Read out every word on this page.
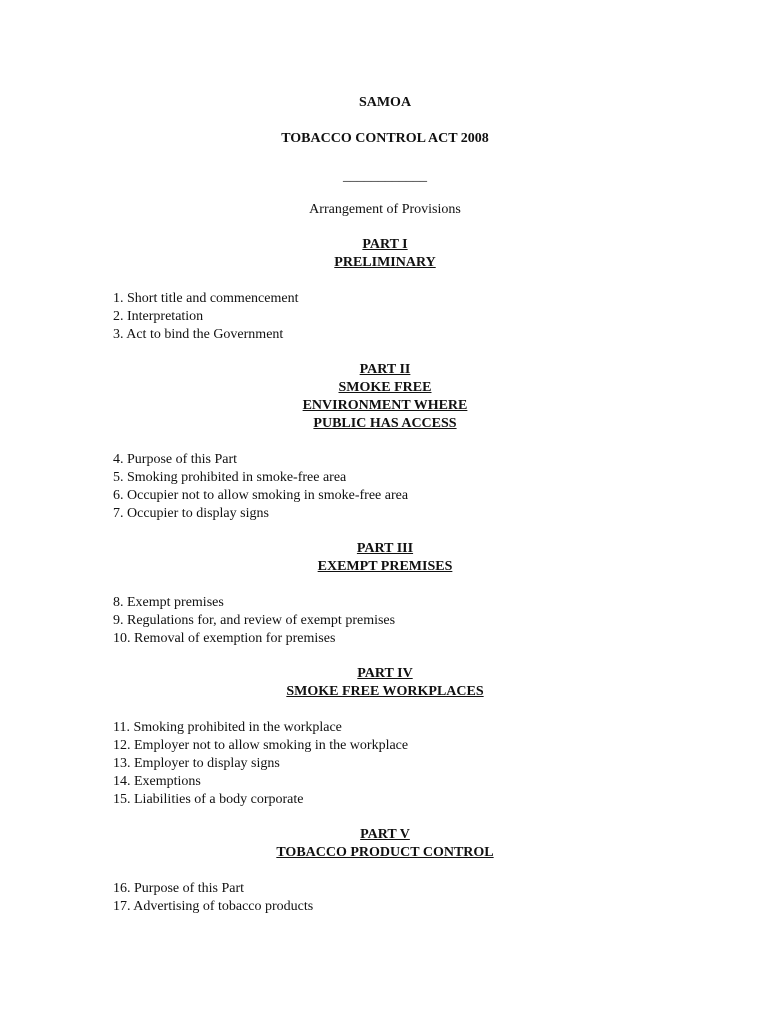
SAMOA
TOBACCO CONTROL ACT 2008
____________
Arrangement of Provisions
PART I
PRELIMINARY
1. Short title and commencement
2. Interpretation
3. Act to bind the Government
PART II
SMOKE FREE
ENVIRONMENT WHERE
PUBLIC HAS ACCESS
4. Purpose of this Part
5. Smoking prohibited in smoke-free area
6. Occupier not to allow smoking in smoke-free area
7. Occupier to display signs
PART III
EXEMPT PREMISES
8. Exempt premises
9. Regulations for, and review of exempt premises
10. Removal of exemption for premises
PART IV
SMOKE FREE WORKPLACES
11. Smoking prohibited in the workplace
12. Employer not to allow smoking in the workplace
13. Employer to display signs
14. Exemptions
15. Liabilities of a body corporate
PART V
TOBACCO PRODUCT CONTROL
16. Purpose of this Part
17. Advertising of tobacco products
